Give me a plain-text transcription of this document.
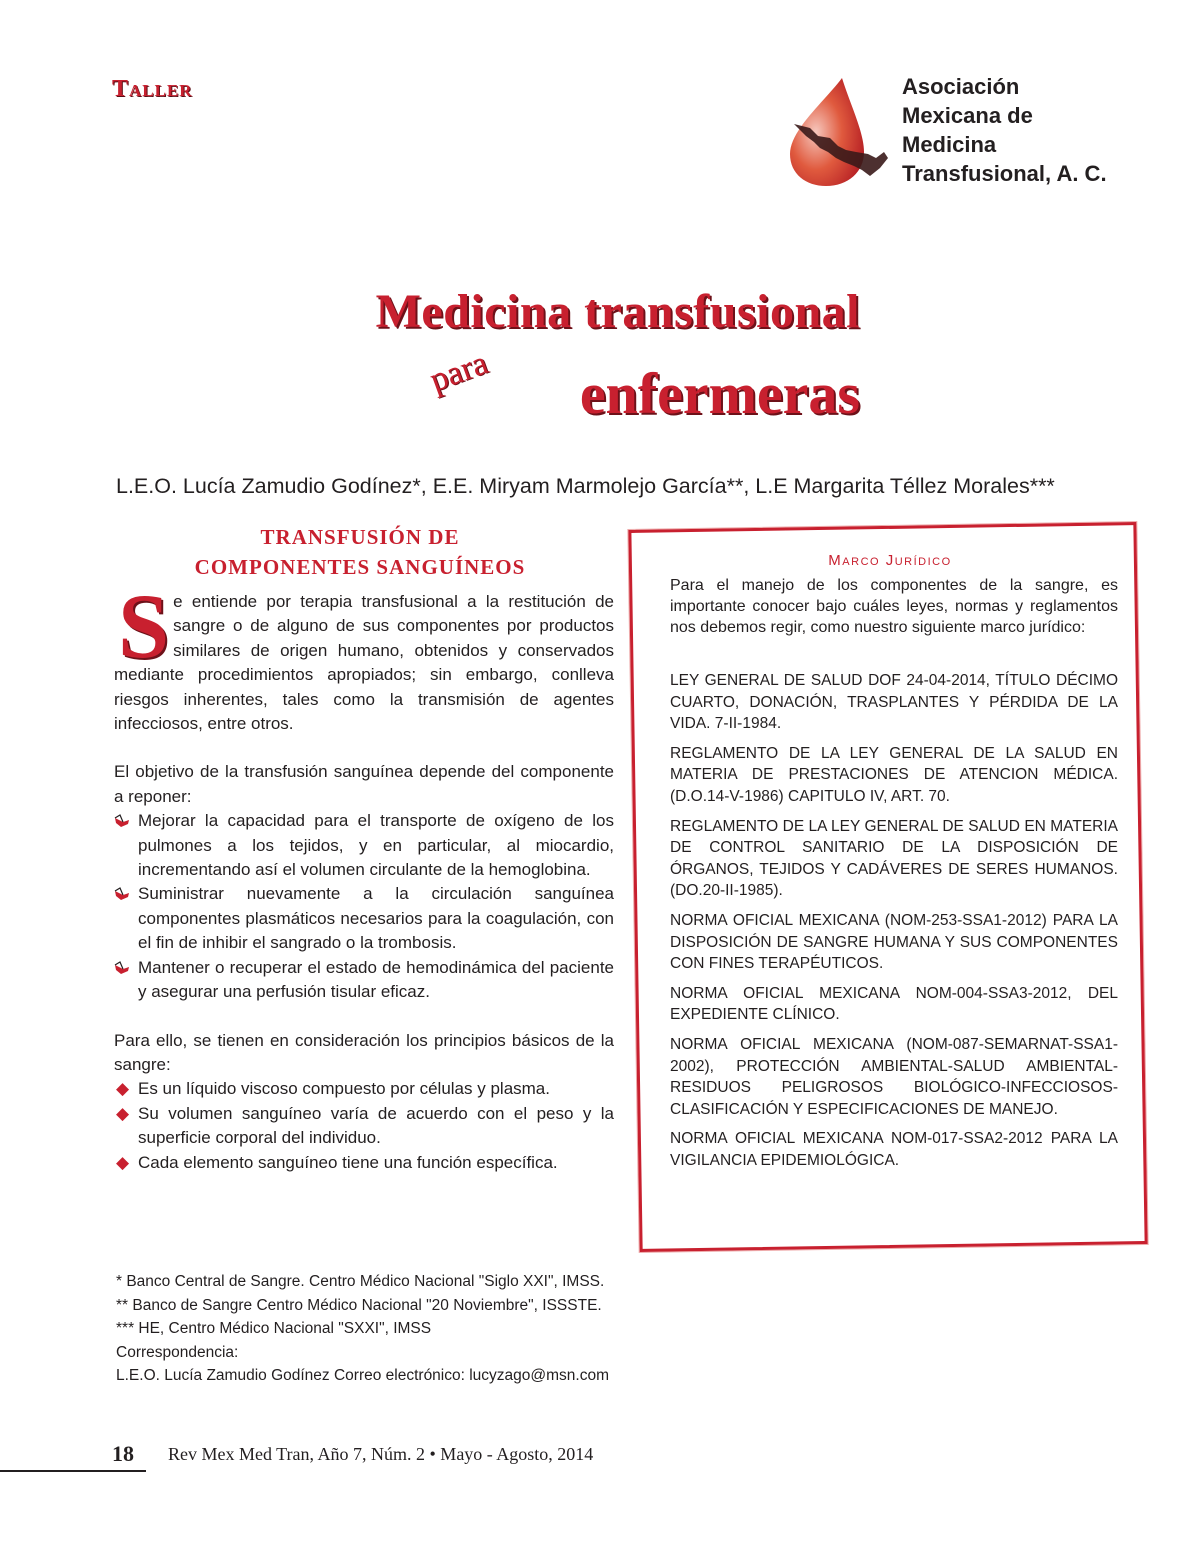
Taller	Asociación
Mexicana de
Medicina
Transfusional, A. C.
Medicina transfusional
para	enfermeras
L.E.O. Lucía Zamudio Godínez*, E.E. Miryam Marmolejo García**, L.E Margarita Téllez Morales***
TRANSFUSIÓN DE
COMPONENTES SANGUÍNEOS
S e entiende por terapia transfusional a la restitución de sangre o de alguno de sus componentes por productos similares de origen humano, obtenidos y conservados mediante procedimientos apropiados; sin embargo, conlleva riesgos inherentes, tales como la transmisión de agentes infecciosos, entre otros.

El objetivo de la transfusión sanguínea depende del componente a reponer:

Mejorar la capacidad para el transporte de oxígeno de los pulmones a los tejidos, y en particular, al miocardio, incrementando así el volumen circulante de la hemoglobina.
Suministrar nuevamente a la circulación sanguínea componentes plasmáticos necesarios para la coagulación, con el fin de inhibir el sangrado o la trombosis.
Mantener o recuperar el estado de hemodinámica del paciente y asegurar una perfusión tisular eficaz.

Para ello, se tienen en consideración los principios básicos de la sangre:

◆ Es un líquido viscoso compuesto por células y plasma.
◆ Su volumen sanguíneo varía de acuerdo con el peso y la superficie corporal del individuo.
◆ Cada elemento sanguíneo tiene una función específica.
* Banco Central de Sangre. Centro Médico Nacional "Siglo XXI", IMSS.
** Banco de Sangre Centro Médico Nacional "20 Noviembre", ISSSTE.
*** HE, Centro Médico Nacional "SXXI", IMSS
Correspondencia:
L.E.O. Lucía Zamudio Godínez Correo electrónico: lucyzago@msn.com
Marco Jurídico
Para el manejo de los componentes de la sangre, es importante conocer bajo cuáles leyes, normas y reglamentos nos debemos regir, como nuestro siguiente marco jurídico:
LEY GENERAL DE SALUD DOF 24-04-2014, TÍTULO DÉCIMO CUARTO, DONACIÓN, TRASPLANTES Y PÉRDIDA DE LA VIDA. 7-II-1984.
REGLAMENTO DE LA LEY GENERAL DE LA SALUD EN MATERIA DE PRESTACIONES DE ATENCION MÉDICA. (D.O.14-V-1986) CAPITULO IV, ART. 70.
REGLAMENTO DE LA LEY GENERAL DE SALUD EN MATERIA DE CONTROL SANITARIO DE LA DISPOSICIÓN DE ÓRGANOS, TEJIDOS Y CADÁVERES DE SERES HUMANOS. (DO.20-II-1985).
NORMA OFICIAL MEXICANA (NOM-253-SSA1-2012) PARA LA DISPOSICIÓN DE SANGRE HUMANA Y SUS COMPONENTES CON FINES TERAPÉUTICOS.
NORMA OFICIAL MEXICANA NOM-004-SSA3-2012, DEL EXPEDIENTE CLÍNICO.
NORMA OFICIAL MEXICANA (NOM-087-SEMARNAT-SSA1-2002), PROTECCIÓN AMBIENTAL-SALUD AMBIENTAL-RESIDUOS PELIGROSOS BIOLÓGICO-INFECCIOSOS-CLASIFICACIÓN Y ESPECIFICACIONES DE MANEJO.
NORMA OFICIAL MEXICANA NOM-017-SSA2-2012 PARA LA VIGILANCIA EPIDEMIOLÓGICA.
18 Rev Mex Med Tran, Año 7, Núm. 2 • Mayo - Agosto, 2014
